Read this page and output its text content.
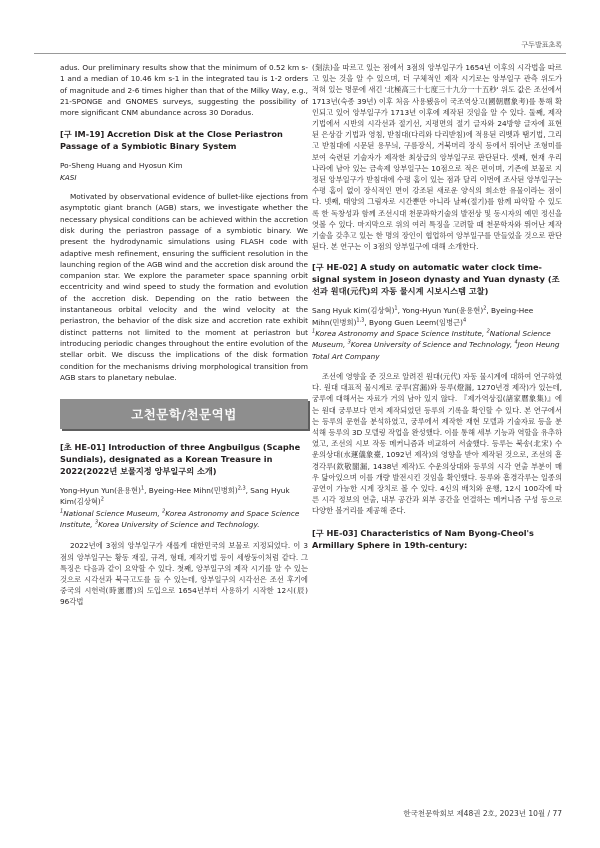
구두발표초록

adus. Our preliminary results show that the minimum of 0.52 km s-1 and a median of 10.46 km s-1 in the integrated tau is 1-2 orders of magnitude and 2-6 times higher than that of the Milky Way, e.g., 21-SPONGE and GNOMES surveys, suggesting the possibility of more significant CNM abundance across 30 Doradus.

[구 IM-19] Accretion Disk at the Close Periastron Passage of a Symbiotic Binary System

Po-Sheng Huang and Hyosun Kim

KASI

Motivated by observational evidence of bullet-like ejections from asymptotic giant branch (AGB) stars, we investigate whether the necessary physical conditions can be achieved within the accretion disk during the periastron passage of a symbiotic binary. We present the hydrodynamic simulations using FLASH code with adaptive mesh refinement, ensuring the sufficient resolution in the launching region of the AGB wind and the accretion disk around the companion star. We explore the parameter space spanning orbit eccentricity and wind speed to study the formation and evolution of the accretion disk. Depending on the ratio between the instantaneous orbital velocity and the wind velocity at the periastron, the behavior of the disk size and accretion rate exhibit distinct patterns not limited to the moment at periastron but introducing periodic changes throughout the entire evolution of the stellar orbit. We discuss the implications of the disk formation condition for the mechanisms driving morphological transition from AGB stars to planetary nebulae.

고천문학/천문역법
[초 HE-01] Introduction of three Angbuilgus (Scaphe Sundials), designated as a Korean Treasure in 2022(2022년 보물지정 앙부일구의 소개)

Yong-Hyun Yun(윤용현)$^1$, Byeing-Hee Mihn(민병희)$^{2,3}$, Sang Hyuk Kim(김상혁)$^2$

$^1$National Science Museum, $^2$Korea Astronomy and Space Science Institute, $^3$Korea University of Science and Technology.

2022년에 3점의 앙부일구가 새롭게 대한민국의 보물로 지정되었다. 이 3점의 앙부일구는 황동 재질, 규격, 형태, 제작기법 등이 세쌍둥이처럼 같다. 그 특징은 다음과 같이 요약할 수 있다. 첫째, 앙부일구의 제작 시기를 알 수 있는 것으로 시각선과 북극고도를 들 수 있는데, 앙부일구의 시각선은 조선 후기에 중국의 시헌력(時憲曆)의 도입으로 1654년부터 사용하기 시작한 12시(辰) 96각법

(刻法)을 따르고 있는 점에서 3점의 앙부일구가 1654년 이후의 시각법을 따르고 있는 것을 알 수 있으며, 더 구체적인 제작 시기로는 앙부일구 관측 위도가 적혀 있는 명문에 새긴 '北極高三十七度三十九分一十五秒' 위도 값은 조선에서 1713년(숙종 39년) 이후 처음 사용됐음이 국조역상고(國朝曆象考)를 통해 확인되고 있어 앙부일구가 1713년 이후에 제작된 것임을 알 수 있다. 둘째, 제작기법에서 시반의 시각선과 절기선, 지평면의 절기 글자와 24방향 글자에 표현된 은상감 기법과 영침, 받침대(다리와 다리받침)에 적용된 리벳과 땜기법, 그리고 받침대에 시문된 용무늬, 구름장식, 거북머리 장식 등에서 뛰어난 조형미를 보여 숙련된 기술자가 제작한 최상급의 앙부일구로 판단된다. 셋째, 현재 우리나라에 남아 있는 금속제 앙부일구는 10점으로 적은 편이며, 기존에 보물로 지정된 앙부일구가 받침대에 수평 홈이 있는 점과 달리 이번에 조사된 앙부일구는 수평 홈이 없이 장식적인 면이 강조된 새로운 양식의 희소한 유물이라는 점이다. 넷째, 태양의 그림자로 시간뿐만 아니라 날짜(절기)를 함께 파악할 수 있도록 한 독창성과 함께 조선시대 천문과학기술의 발전상 및 동시자의 예민 정신을 엿볼 수 있다. 마지막으로 위의 여러 특징을 고려할 때 천문학자와 뛰어난 제작 기술을 갖추고 있는 한 명의 장인이 협업하여 앙부일구를 만들었을 것으로 판단된다. 본 연구는 이 3점의 앙부일구에 대해 소개한다.

[구 HE-02] A study on automatic water clock time-signal system in Joseon dynasty and Yuan dynasty (조선과 원대(元代)의 자동 물시계 시보시스템 고찰)

Sang Hyuk Kim(김상혁)$^1$, Yong-Hyun Yun(윤용현)$^2$, Byeing-Hee Mihn(민병희)$^{1,3}$, Byong Guen Leem(임병근)$^4$

$^1$Korea Astronomy and Space Science Institute, $^2$National Science Museum, $^3$Korea University of Science and Technology, $^4$Jeon Heung Total Art Company

조선에 영향을 준 것으로 알려진 원대(元代) 자동 물시계에 대하여 연구하였다. 원대 대표적 물시계로 궁루(宮漏)와 등루(燈漏, 1270년경 제작)가 있는데, 궁루에 대해서는 자료가 거의 남아 있지 않다. 『제가역상집(諸家曆象集)』에는 원대 궁루보다 먼저 제작되었던 등루의 기록을 확인할 수 있다. 본 연구에서는 등루의 문헌을 분석하였고, 궁루에서 제작한 재현 모델과 기술자료 등을 분석해 등루의 3D 모델링 작업을 완성했다. 이를 통해 세부 기능과 역할을 유추하였고, 조선의 시보 작동 메커니즘과 비교하여 서술했다. 등루는 북송(北宋) 수운의상대(水運儀象臺, 1092년 제작)의 영향을 받아 제작된 것으로, 조선의 흠경각루(欽敬閣漏, 1438년 제작)도 수운의상대와 등루의 시각 연출 부분이 매우 닮아있으며 이를 개량 발전시킨 것임을 확인했다. 등루와 흠경각루는 일종의 공연이 가능한 시계 장치로 볼 수 있다. 4신의 배치와 운행, 12시 100각에 따른 시각 정보의 연출, 내부 공간과 외부 공간을 연결하는 메커니즘 구성 등으로 다양한 볼거리를 제공해 준다.

[구 HE-03] Characteristics of Nam Byong-Cheol's Armillary Sphere in 19th-century:
한국천문학회보 제48권 2호, 2023년 10월 / 77
